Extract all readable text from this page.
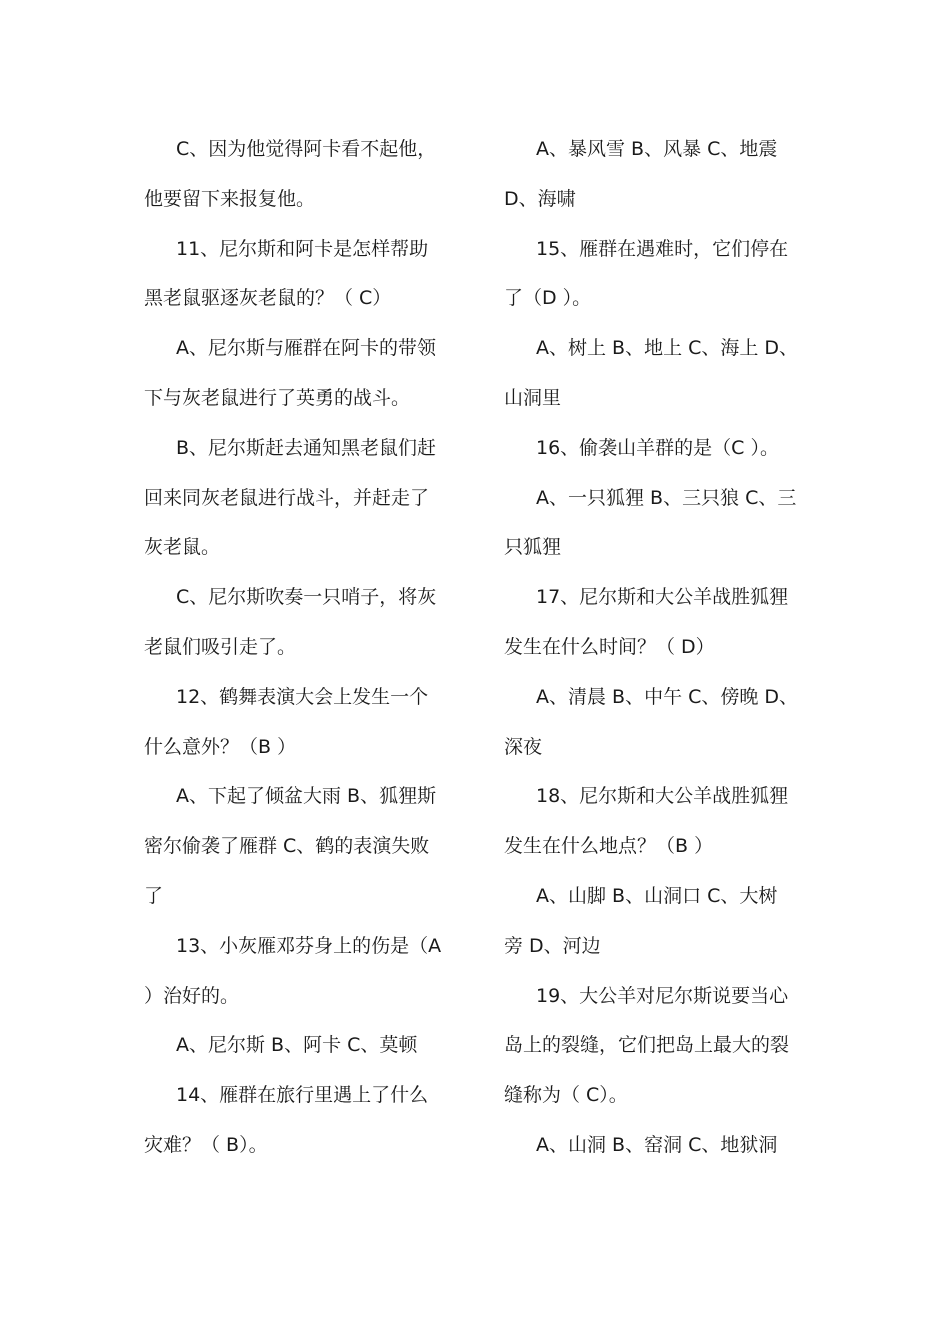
C、因为他觉得阿卡看不起他，
他要留下来报复他。
11、尼尔斯和阿卡是怎样帮助
黑老鼠驱逐灰老鼠的？（ C）
A、尼尔斯与雁群在阿卡的带领
下与灰老鼠进行了英勇的战斗。
B、尼尔斯赶去通知黑老鼠们赶
回来同灰老鼠进行战斗，并赶走了
灰老鼠。
C、尼尔斯吹奏一只哨子，将灰
老鼠们吸引走了。
12、鹤舞表演大会上发生一个
什么意外？（B ）
A、下起了倾盆大雨 B、狐狸斯
密尔偷袭了雁群 C、鹤的表演失败
了
13、小灰雁邓芬身上的伤是（A
）治好的。
A、尼尔斯 B、阿卡 C、莫顿
14、雁群在旅行里遇上了什么
灾难？（ B）。
A、暴风雪 B、风暴 C、地震
D、海啸
15、雁群在遇难时，它们停在
了（D ）。
A、树上 B、地上 C、海上 D、
山洞里
16、偷袭山羊群的是（C ）。
A、一只狐狸 B、三只狼 C、三
只狐狸
17、尼尔斯和大公羊战胜狐狸
发生在什么时间？（ D）
A、清晨 B、中午 C、傍晚 D、
深夜
18、尼尔斯和大公羊战胜狐狸
发生在什么地点？（B ）
A、山脚 B、山洞口 C、大树
旁 D、河边
19、大公羊对尼尔斯说要当心
岛上的裂缝，它们把岛上最大的裂
缝称为（ C）。
A、山洞 B、窑洞 C、地狱洞
